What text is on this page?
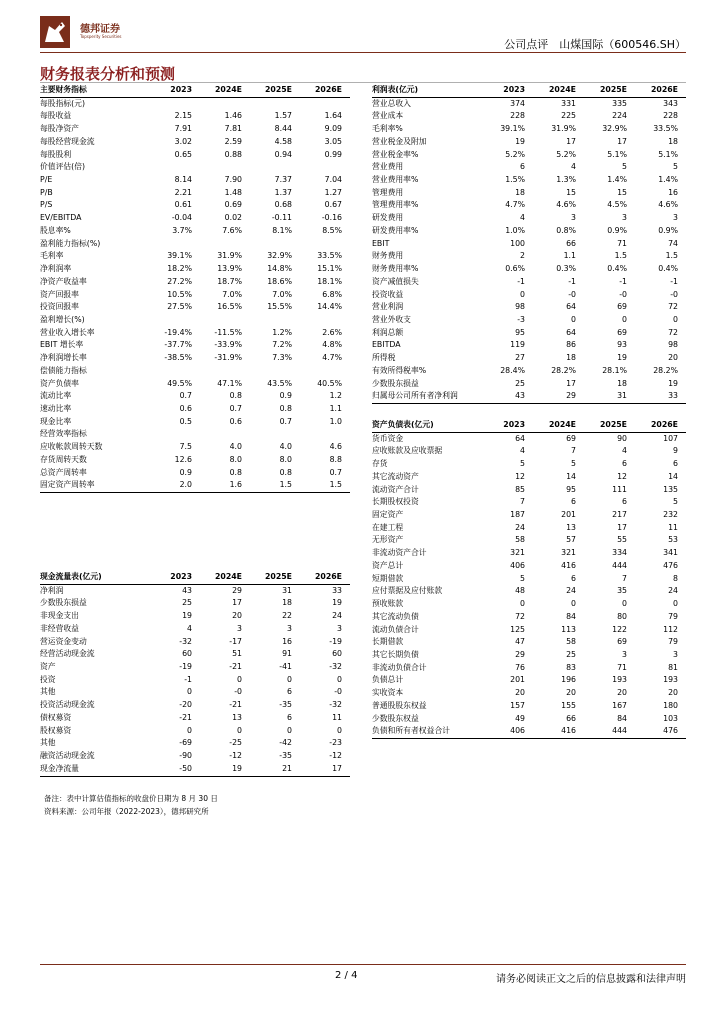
德邦证券
Topsperity Securities
公司点评　山煤国际（600546.SH）
财务报表分析和预测
主要财务指标	2023	2024E	2025E	2026E
每股指标(元)				
每股收益	2.15	1.46	1.57	1.64
每股净资产	7.91	7.81	8.44	9.09
每股经营现金流	3.02	2.59	4.58	3.05
每股股利	0.65	0.88	0.94	0.99
价值评估(倍)				
P/E	8.14	7.90	7.37	7.04
P/B	2.21	1.48	1.37	1.27
P/S	0.61	0.69	0.68	0.67
EV/EBITDA	-0.04	0.02	-0.11	-0.16
股息率%	3.7%	7.6%	8.1%	8.5%
盈利能力指标(%)				
毛利率	39.1%	31.9%	32.9%	33.5%
净利润率	18.2%	13.9%	14.8%	15.1%
净资产收益率	27.2%	18.7%	18.6%	18.1%
资产回报率	10.5%	7.0%	7.0%	6.8%
投资回报率	27.5%	16.5%	15.5%	14.4%
盈利增长(%)				
营业收入增长率	-19.4%	-11.5%	1.2%	2.6%
EBIT 增长率	-37.7%	-33.9%	7.2%	4.8%
净利润增长率	-38.5%	-31.9%	7.3%	4.7%
偿债能力指标				
资产负债率	49.5%	47.1%	43.5%	40.5%
流动比率	0.7	0.8	0.9	1.2
速动比率	0.6	0.7	0.8	1.1
现金比率	0.5	0.6	0.7	1.0
经营效率指标				
应收帐款周转天数	7.5	4.0	4.0	4.6
存货周转天数	12.6	8.0	8.0	8.8
总资产周转率	0.9	0.8	0.8	0.7
固定资产周转率	2.0	1.6	1.5	1.5
现金流量表(亿元)	2023	2024E	2025E	2026E
净利润	43	29	31	33
少数股东损益	25	17	18	19
非现金支出	19	20	22	24
非经营收益	4	3	3	3
营运资金变动	-32	-17	16	-19
经营活动现金流	60	51	91	60
资产	-19	-21	-41	-32
投资	-1	0	0	0
其他	0	-0	6	-0
投资活动现金流	-20	-21	-35	-32
债权募资	-21	13	6	11
股权募资	0	0	0	0
其他	-69	-25	-42	-23
融资活动现金流	-90	-12	-35	-12
现金净流量	-50	19	21	17
利润表(亿元)	2023	2024E	2025E	2026E
营业总收入	374	331	335	343
营业成本	228	225	224	228
毛利率%	39.1%	31.9%	32.9%	33.5%
营业税金及附加	19	17	17	18
营业税金率%	5.2%	5.2%	5.1%	5.1%
营业费用	6	4	5	5
营业费用率%	1.5%	1.3%	1.4%	1.4%
管理费用	18	15	15	16
管理费用率%	4.7%	4.6%	4.5%	4.6%
研发费用	4	3	3	3
研发费用率%	1.0%	0.8%	0.9%	0.9%
EBIT	100	66	71	74
财务费用	2	1.1	1.5	1.5
财务费用率%	0.6%	0.3%	0.4%	0.4%
资产减值损失	-1	-1	-1	-1
投资收益	0	-0	-0	-0
营业利润	98	64	69	72
营业外收支	-3	0	0	0
利润总额	95	64	69	72
EBITDA	119	86	93	98
所得税	27	18	19	20
有效所得税率%	28.4%	28.2%	28.1%	28.2%
少数股东损益	25	17	18	19
归属母公司所有者净利润	43	29	31	33
资产负债表(亿元)	2023	2024E	2025E	2026E
货币资金	64	69	90	107
应收账款及应收票据	4	7	4	9
存货	5	5	6	6
其它流动资产	12	14	12	14
流动资产合计	85	95	111	135
长期股权投资	7	6	6	5
固定资产	187	201	217	232
在建工程	24	13	17	11
无形资产	58	57	55	53
非流动资产合计	321	321	334	341
资产总计	406	416	444	476
短期借款	5	6	7	8
应付票据及应付账款	48	24	35	24
预收账款	0	0	0	0
其它流动负债	72	84	80	79
流动负债合计	125	113	122	112
长期借款	47	58	69	79
其它长期负债	29	25	3	3
非流动负债合计	76	83	71	81
负债总计	201	196	193	193
实收资本	20	20	20	20
普通股股东权益	157	155	167	180
少数股东权益	49	66	84	103
负债和所有者权益合计	406	416	444	476
备注：表中计算估值指标的收盘价日期为 8 月 30 日
资料来源：公司年报（2022-2023），德邦研究所
2 / 4	请务必阅读正文之后的信息披露和法律声明
